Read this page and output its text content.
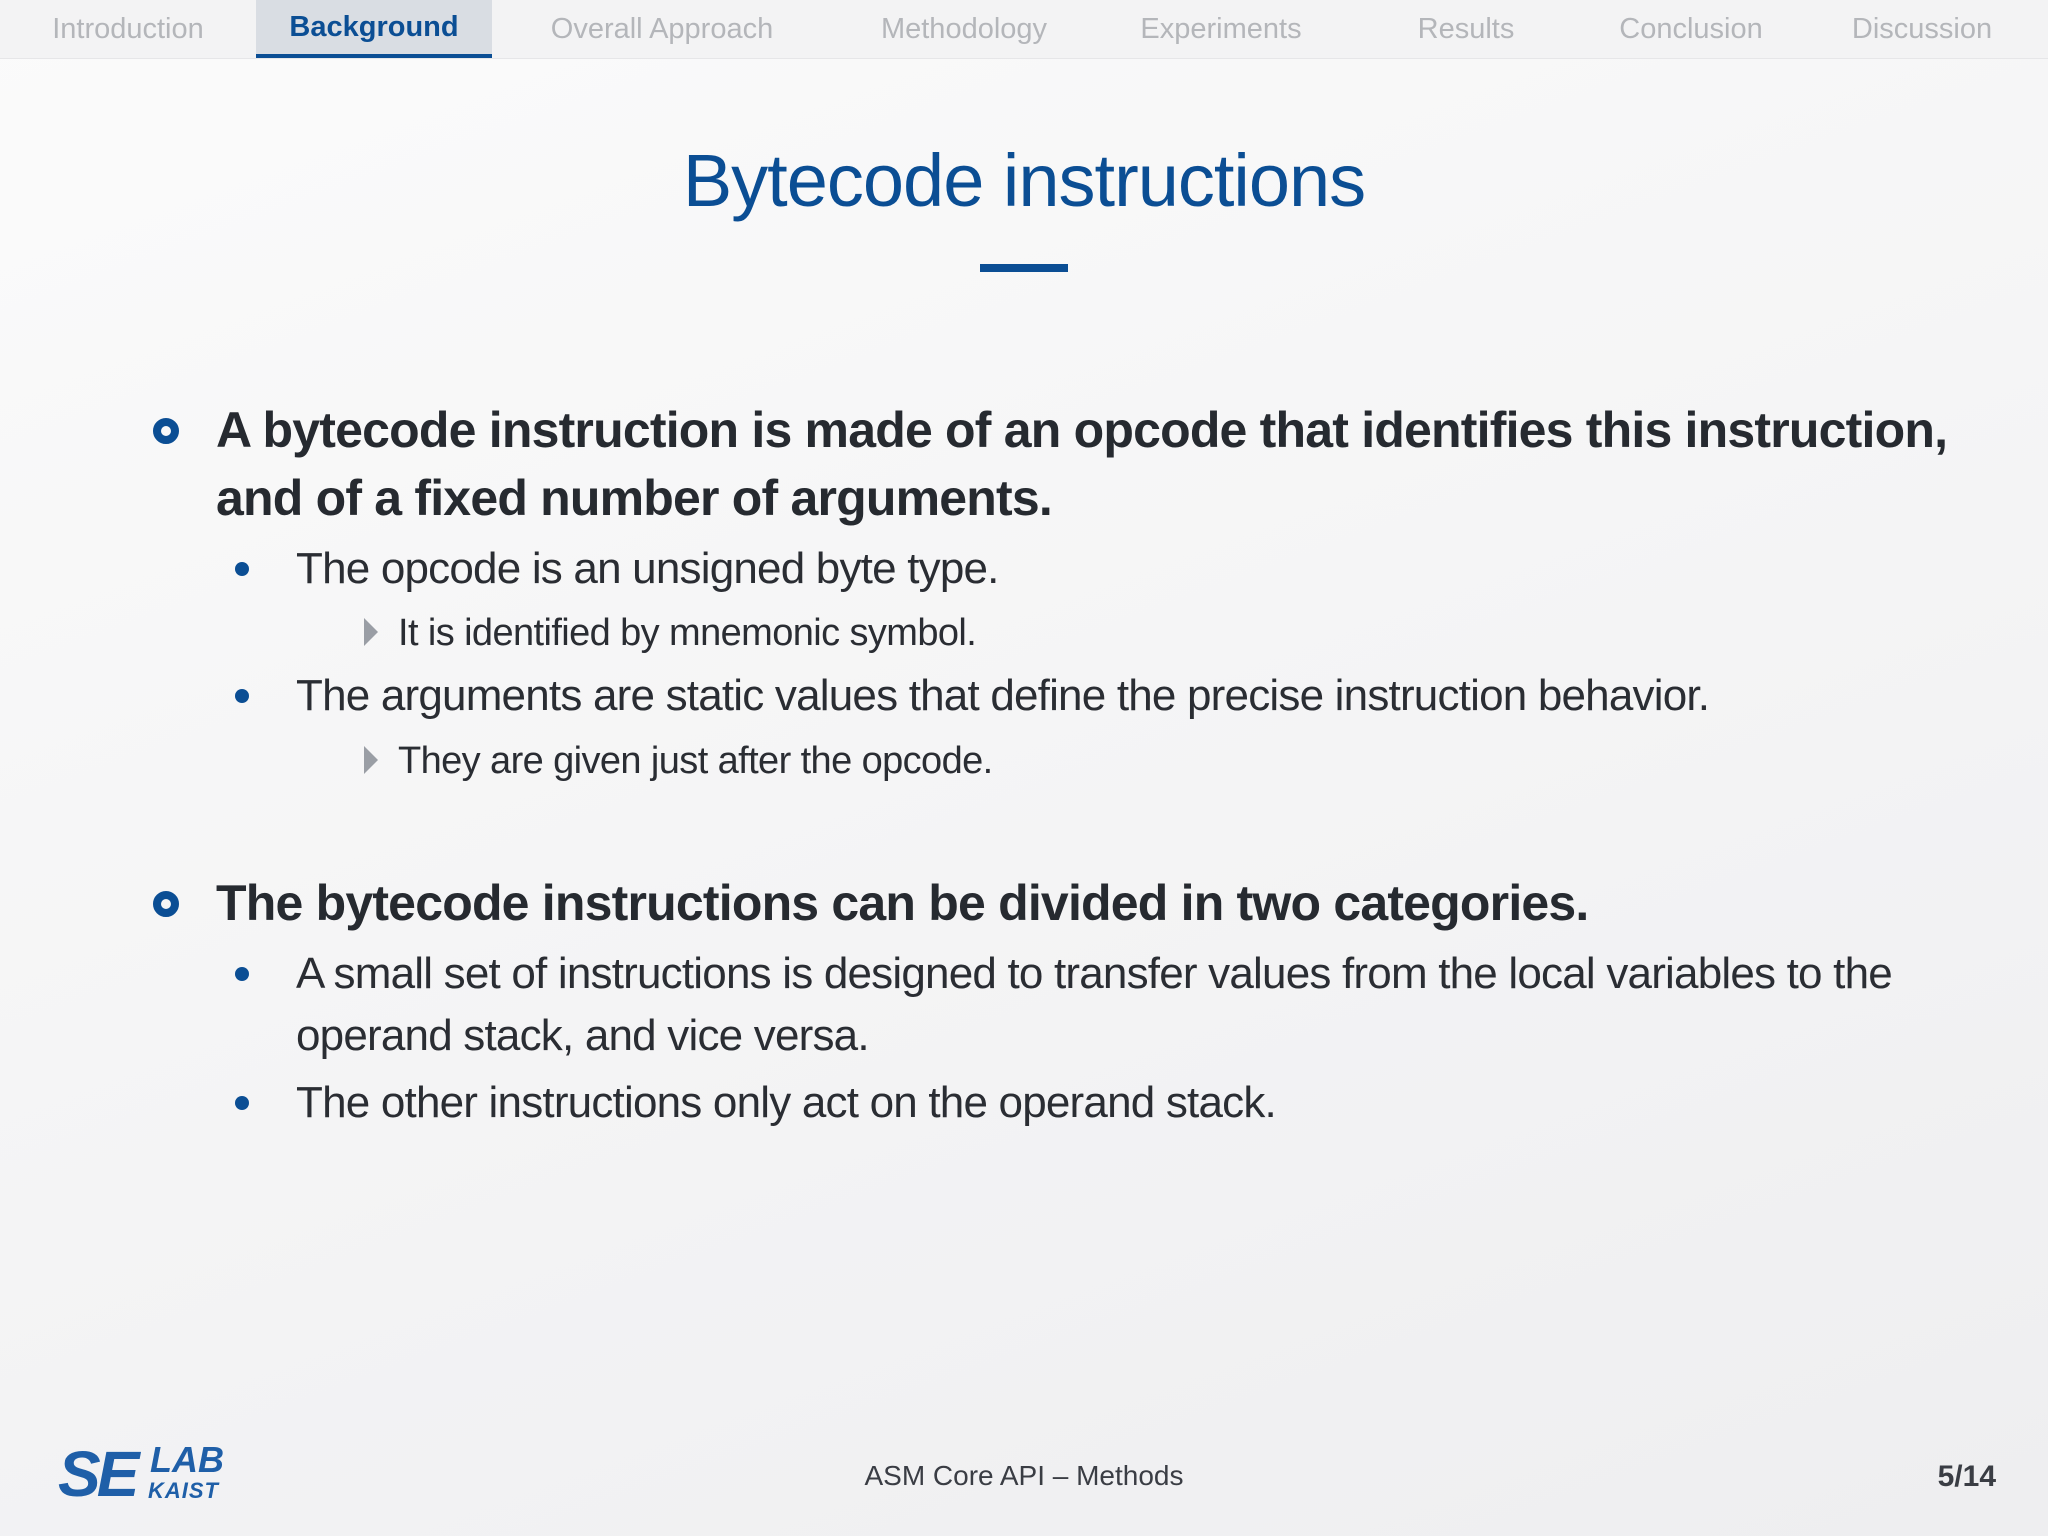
Introduction	Background	Overall Approach	Methodology	Experiments	Results	Conclusion	Discussion
Bytecode instructions
A bytecode instruction is made of an opcode that identifies this instruction, and of a fixed number of arguments.
The opcode is an unsigned byte type.
It is identified by mnemonic symbol.
The arguments are static values that define the precise instruction behavior.
They are given just after the opcode.
The bytecode instructions can be divided in two categories.
A small set of instructions is designed to transfer values from the local variables to the operand stack, and vice versa.
The other instructions only act on the operand stack.
SE LAB
KAIST	ASM Core API – Methods	5/14
